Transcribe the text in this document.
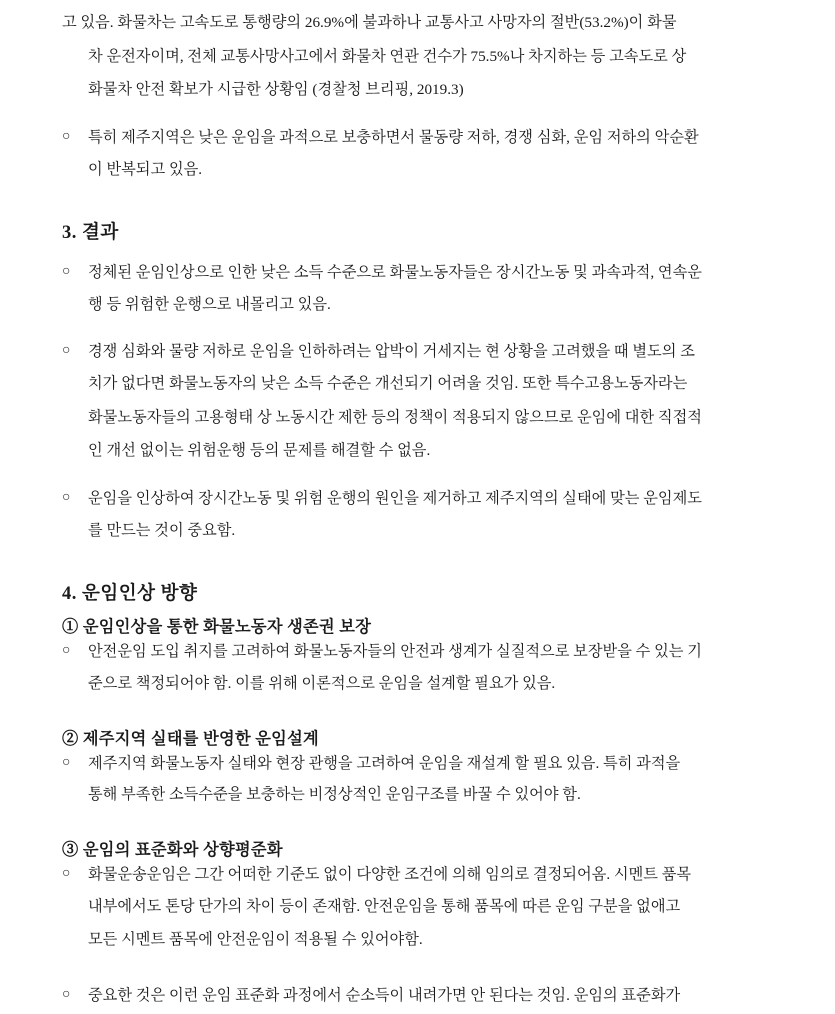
고 있음. 화물차는 고속도로 통행량의 26.9%에 불과하나 교통사고 사망자의 절반(53.2%)이 화물

차 운전자이며, 전체 교통사망사고에서 화물차 연관 건수가 75.5%나 차지하는 등 고속도로 상

화물차 안전 확보가 시급한 상황임 (경찰청 브리핑, 2019.3)

○ 특히 제주지역은 낮은 운임을 과적으로 보충하면서 물동량 저하, 경쟁 심화, 운임 저하의 악순환

이 반복되고 있음.

3. 결과

○ 정체된 운임인상으로 인한 낮은 소득 수준으로 화물노동자들은 장시간노동 및 과속과적, 연속운

행 등 위험한 운행으로 내몰리고 있음.

○ 경쟁 심화와 물량 저하로 운임을 인하하려는 압박이 거세지는 현 상황을 고려했을 때 별도의 조

치가 없다면 화물노동자의 낮은 소득 수준은 개선되기 어려울 것임. 또한 특수고용노동자라는

화물노동자들의 고용형태 상 노동시간 제한 등의 정책이 적용되지 않으므로 운임에 대한 직접적

인 개선 없이는 위험운행 등의 문제를 해결할 수 없음.

○ 운임을 인상하여 장시간노동 및 위험 운행의 원인을 제거하고 제주지역의 실태에 맞는 운임제도

를 만드는 것이 중요함.

4. 운임인상 방향
① 운임인상을 통한 화물노동자 생존권 보장

○ 안전운임 도입 취지를 고려하여 화물노동자들의 안전과 생계가 실질적으로 보장받을 수 있는 기

준으로 책정되어야 함. 이를 위해 이론적으로 운임을 설계할 필요가 있음.

② 제주지역 실태를 반영한 운임설계

○ 제주지역 화물노동자 실태와 현장 관행을 고려하여 운임을 재설계 할 필요 있음. 특히 과적을

통해 부족한 소득수준을 보충하는 비정상적인 운임구조를 바꿀 수 있어야 함.

③ 운임의 표준화와 상향평준화

○ 화물운송운임은 그간 어떠한 기준도 없이 다양한 조건에 의해 임의로 결정되어옴. 시멘트 품목

내부에서도 톤당 단가의 차이 등이 존재함. 안전운임을 통해 품목에 따른 운임 구분을 없애고

모든 시멘트 품목에 안전운임이 적용될 수 있어야함.

○ 중요한 것은 이런 운임 표준화 과정에서 순소득이 내려가면 안 된다는 것임. 운임의 표준화가
